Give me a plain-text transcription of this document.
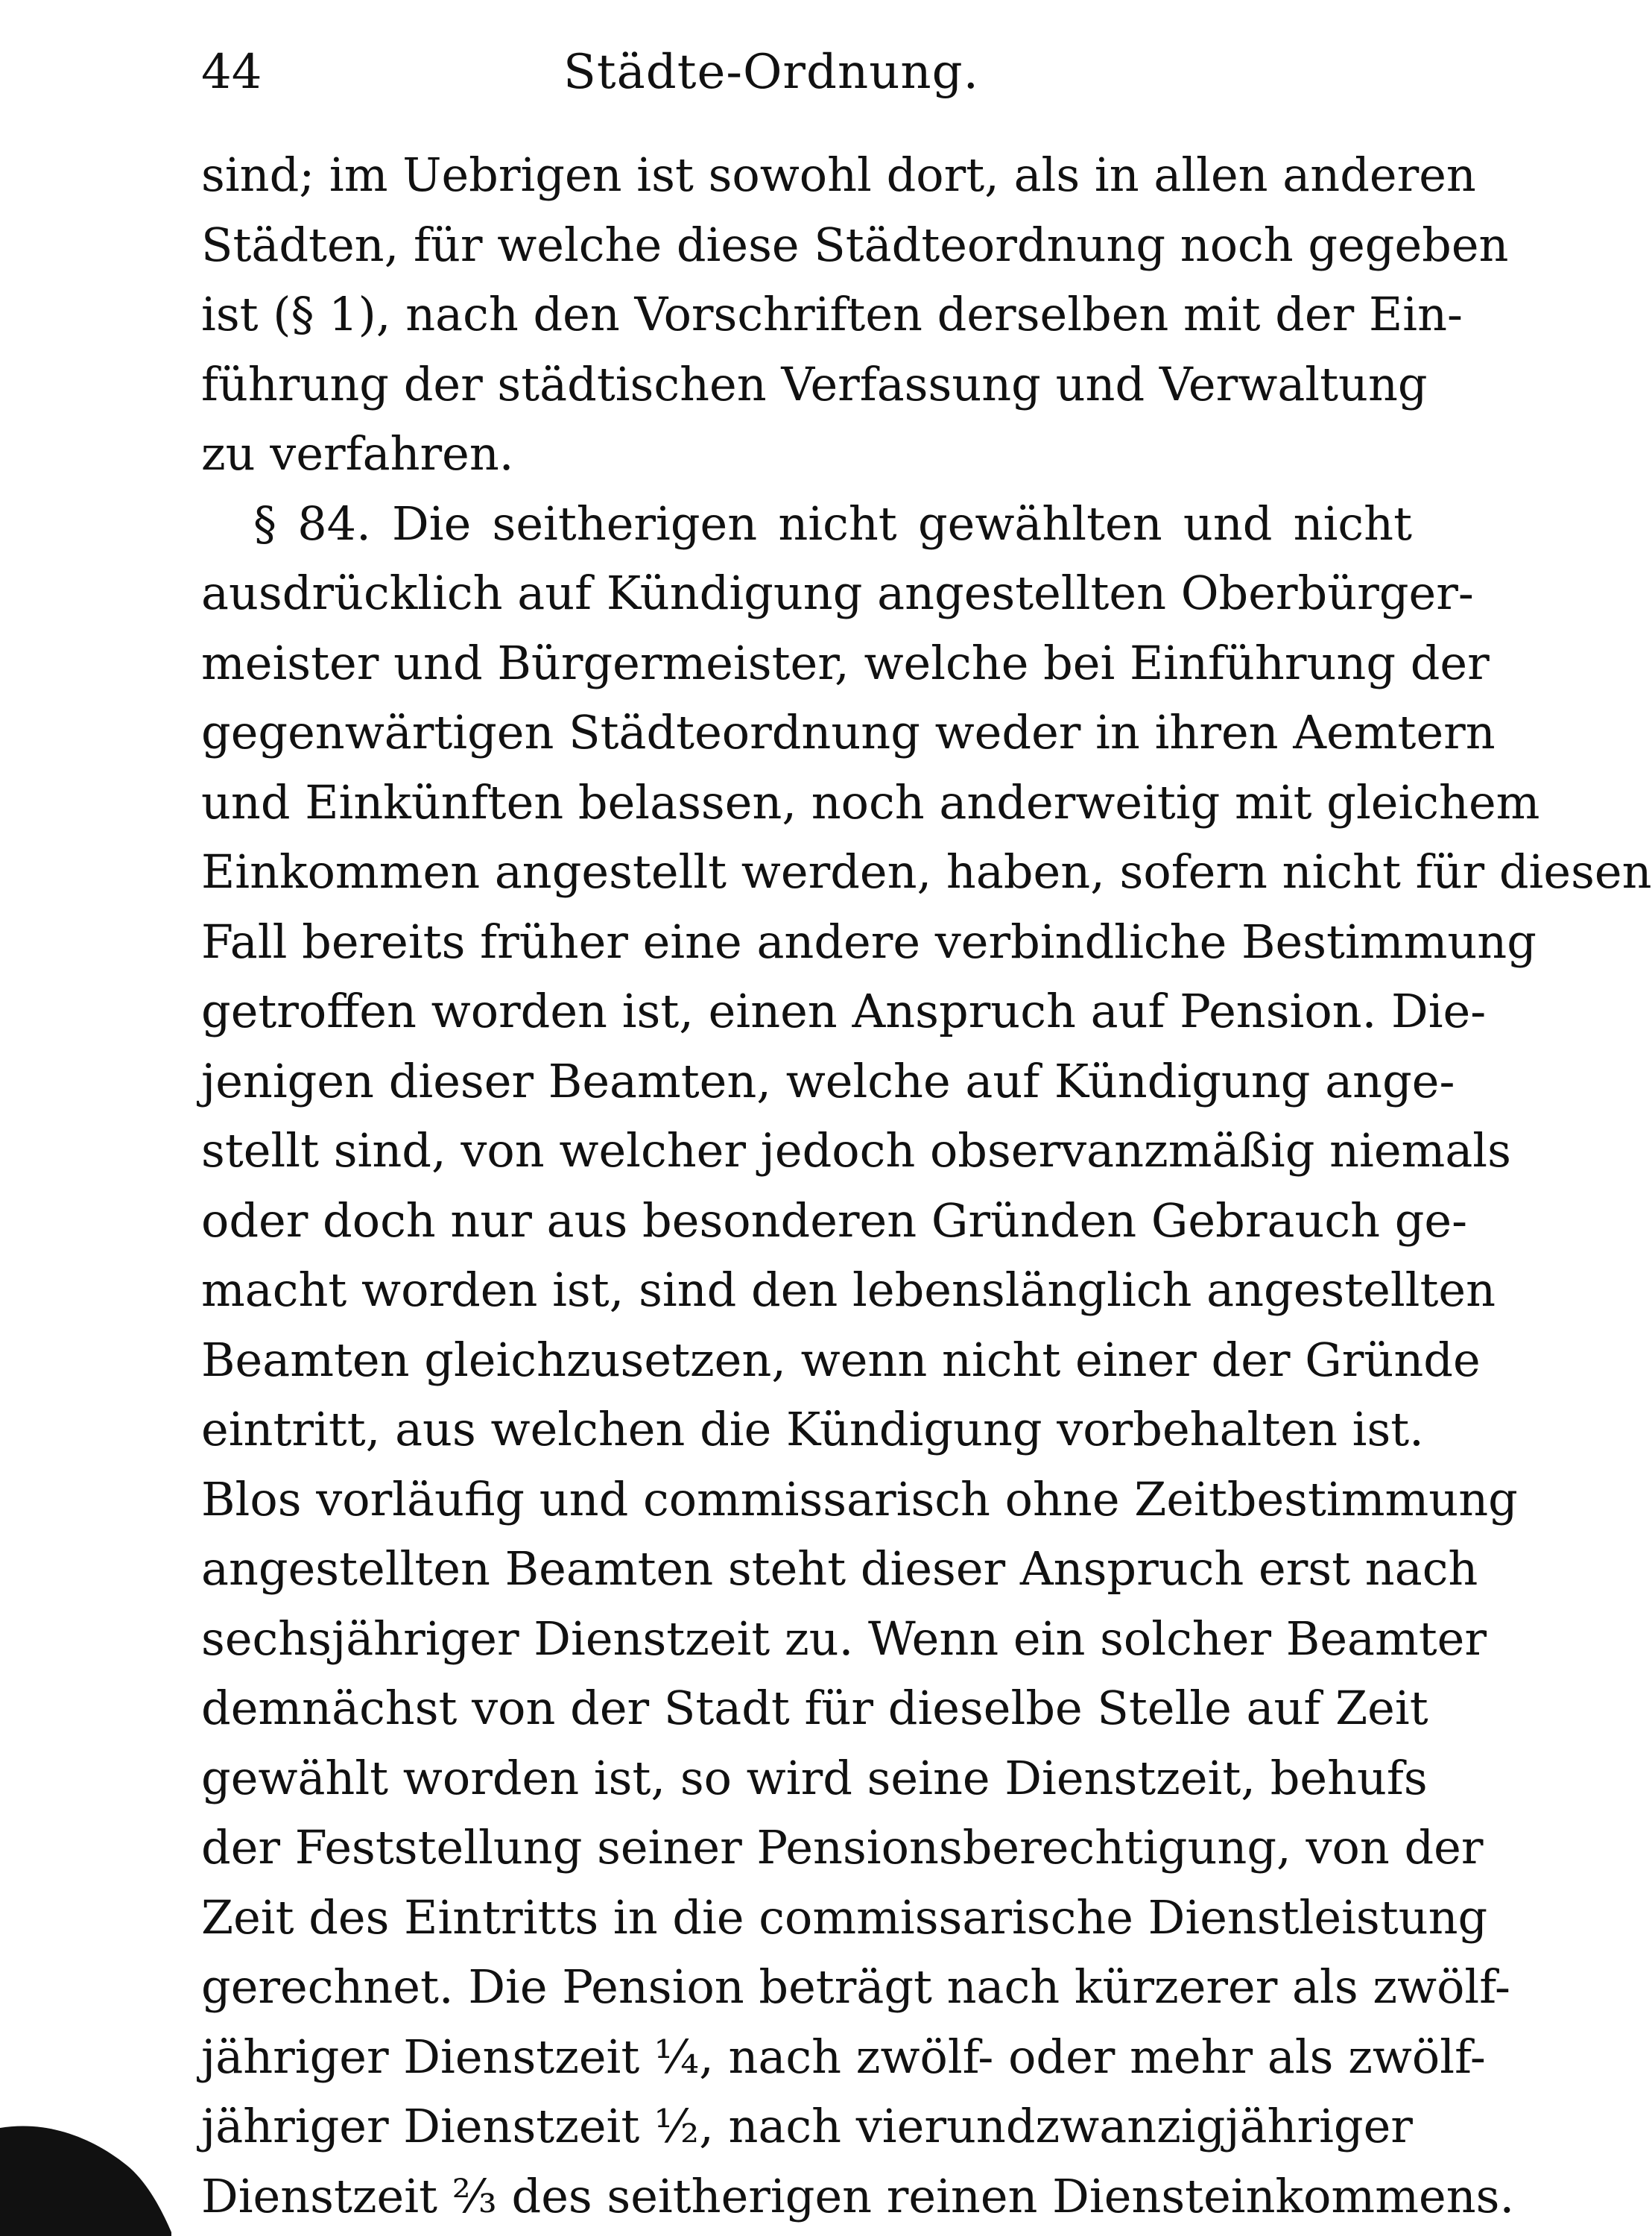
44	Städte-Ordnung.
sind; im Uebrigen ist sowohl dort, als in allen anderen
Städten, für welche diese Städteordnung noch gegeben
ist (§ 1), nach den Vorschriften derselben mit der Ein-
führung der städtischen Verfassung und Verwaltung
zu verfahren.
§ 84. Die seitherigen nicht gewählten und nicht
ausdrücklich auf Kündigung angestellten Oberbürger-
meister und Bürgermeister, welche bei Einführung der
gegenwärtigen Städteordnung weder in ihren Aemtern
und Einkünften belassen, noch anderweitig mit gleichem
Einkommen angestellt werden, haben, sofern nicht für diesen
Fall bereits früher eine andere verbindliche Bestimmung
getroffen worden ist, einen Anspruch auf Pension. Die-
jenigen dieser Beamten, welche auf Kündigung ange-
stellt sind, von welcher jedoch observanzmäßig niemals
oder doch nur aus besonderen Gründen Gebrauch ge-
macht worden ist, sind den lebenslänglich angestellten
Beamten gleichzusetzen, wenn nicht einer der Gründe
eintritt, aus welchen die Kündigung vorbehalten ist.
Blos vorläufig und commissarisch ohne Zeitbestimmung
angestellten Beamten steht dieser Anspruch erst nach
sechsjähriger Dienstzeit zu. Wenn ein solcher Beamter
demnächst von der Stadt für dieselbe Stelle auf Zeit
gewählt worden ist, so wird seine Dienstzeit, behufs
der Feststellung seiner Pensionsberechtigung, von der
Zeit des Eintritts in die commissarische Dienstleistung
gerechnet. Die Pension beträgt nach kürzerer als zwölf-
jähriger Dienstzeit ¼, nach zwölf- oder mehr als zwölf-
jähriger Dienstzeit ½, nach vierundzwanzigjähriger
Dienstzeit ⅔ des seitherigen reinen Diensteinkommens.
